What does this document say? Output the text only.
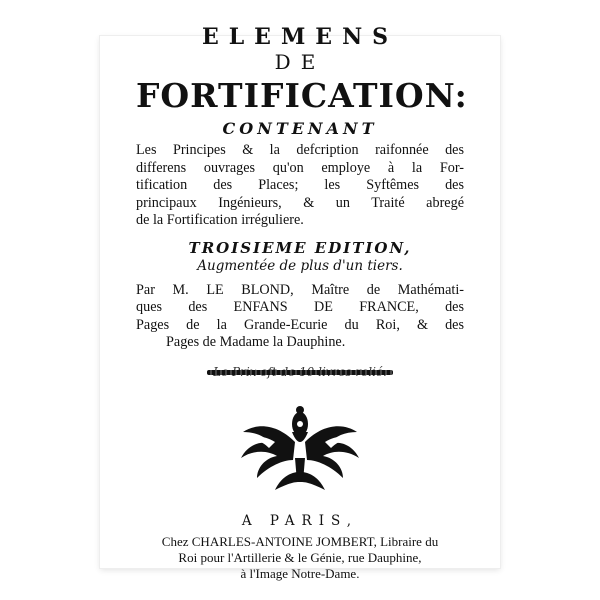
ELEMENS
DE
FORTIFICATION:
CONTENANT
Les Principes & la defcription raifonnée des
differens ouvrages qu'on employe à la For-
tification des Places; les Syftêmes des
principaux Ingénieurs, & un Traité abregé
de la Fortification irréguliere.
TROISIEME EDITION,
Augmentée de plus d'un tiers.
Par M. LE BLOND, Maître de Mathémati-
ques des ENFANS DE FRANCE, des
Pages de la Grande-Ecurie du Roi, & des
Pages de Madame la Dauphine.
A PARIS,
Chez CHARLES-ANTOINE JOMBERT, Libraire du
Roi pour l'Artillerie & le Génie, rue Dauphine,
à l'Image Notre-Dame.
